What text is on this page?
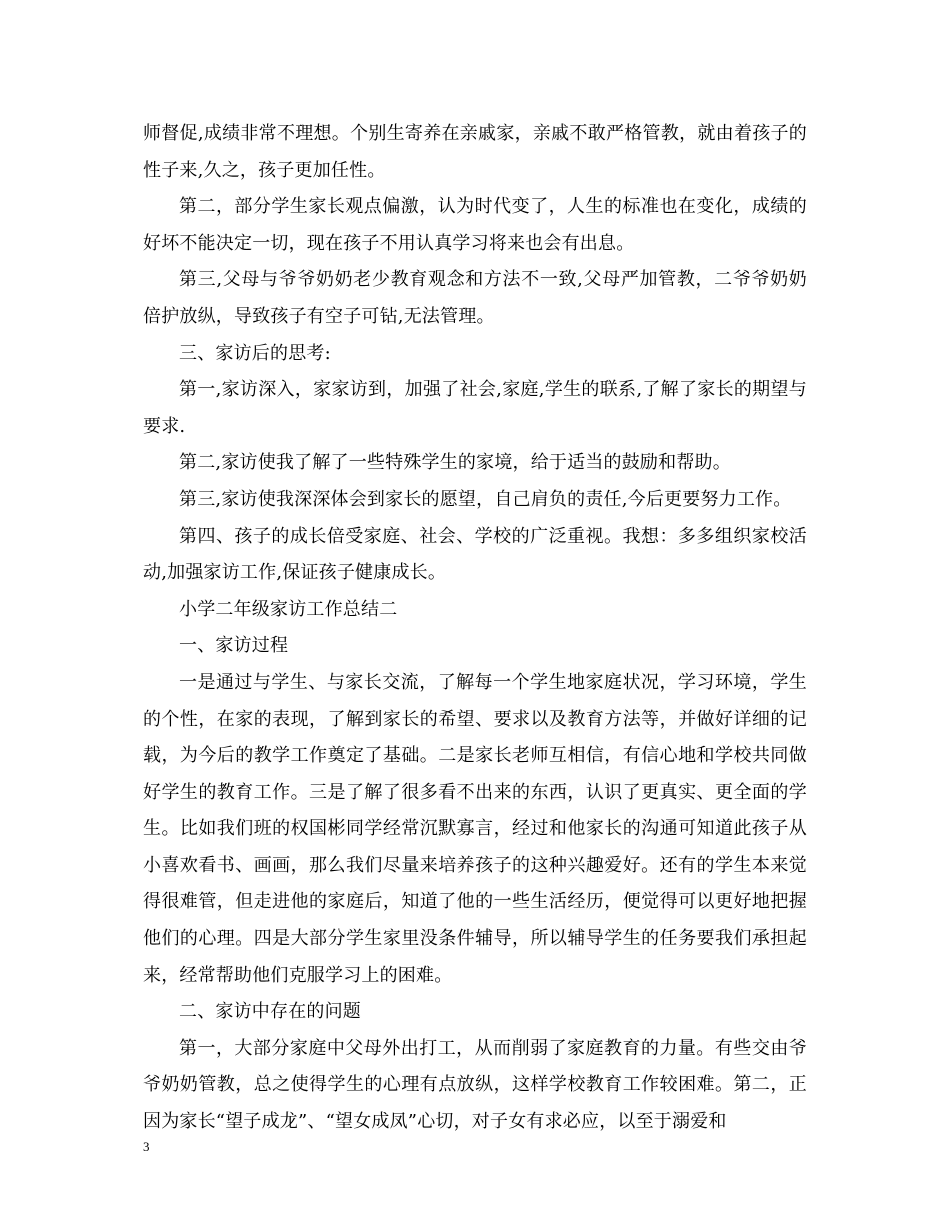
师督促,成绩非常不理想。个别生寄养在亲戚家，亲戚不敢严格管教，就由着孩子的性子来,久之，孩子更加任性。

第二，部分学生家长观点偏激，认为时代变了，人生的标准也在变化，成绩的好坏不能决定一切，现在孩子不用认真学习将来也会有出息。

第三,父母与爷爷奶奶老少教育观念和方法不一致,父母严加管教，二爷爷奶奶倍护放纵，导致孩子有空子可钻,无法管理。

三、家访后的思考:

第一,家访深入，家家访到，加强了社会,家庭,学生的联系,了解了家长的期望与要求.

第二,家访使我了解了一些特殊学生的家境，给于适当的鼓励和帮助。

第三,家访使我深深体会到家长的愿望，自己肩负的责任,今后更要努力工作。

第四、孩子的成长倍受家庭、社会、学校的广泛重视。我想：多多组织家校活动,加强家访工作,保证孩子健康成长。

小学二年级家访工作总结二

一、家访过程

一是通过与学生、与家长交流，了解每一个学生地家庭状况，学习环境，学生的个性，在家的表现，了解到家长的希望、要求以及教育方法等，并做好详细的记载，为今后的教学工作奠定了基础。二是家长老师互相信，有信心地和学校共同做好学生的教育工作。三是了解了很多看不出来的东西，认识了更真实、更全面的学生。比如我们班的权国彬同学经常沉默寡言，经过和他家长的沟通可知道此孩子从小喜欢看书、画画，那么我们尽量来培养孩子的这种兴趣爱好。还有的学生本来觉得很难管，但走进他的家庭后，知道了他的一些生活经历，便觉得可以更好地把握他们的心理。四是大部分学生家里没条件辅导，所以辅导学生的任务要我们承担起来，经常帮助他们克服学习上的困难。

二、家访中存在的问题

第一，大部分家庭中父母外出打工，从而削弱了家庭教育的力量。有些交由爷爷奶奶管教，总之使得学生的心理有点放纵，这样学校教育工作较困难。第二，正因为家长“望子成龙”、“望女成凤”心切，对子女有求必应，以至于溺爱和

3
